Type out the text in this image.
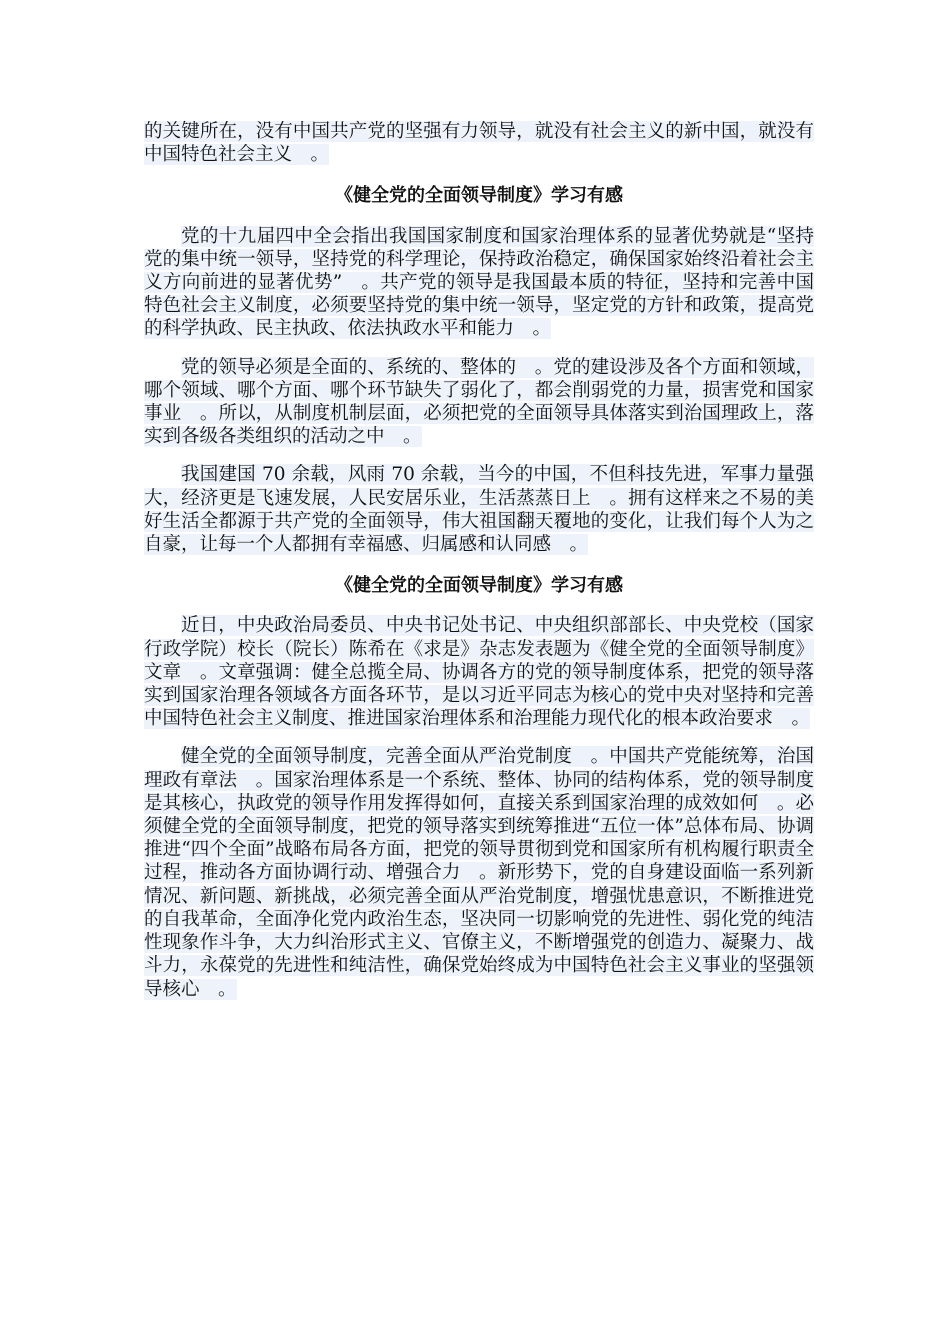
的关键所在，没有中国共产党的坚强有力领导，就没有社会主义的新中国，就没有中国特色社会主义　。

《健全党的全面领导制度》学习有感

党的十九届四中全会指出我国国家制度和国家治理体系的显著优势就是“坚持党的集中统一领导，坚持党的科学理论，保持政治稳定，确保国家始终沿着社会主义方向前进的显著优势”　。共产党的领导是我国最本质的特征，坚持和完善中国特色社会主义制度，必须要坚持党的集中统一领导，坚定党的方针和政策，提高党的科学执政、民主执政、依法执政水平和能力　。

党的领导必须是全面的、系统的、整体的　。党的建设涉及各个方面和领域，哪个领域、哪个方面、哪个环节缺失了弱化了，都会削弱党的力量，损害党和国家事业　。所以，从制度机制层面，必须把党的全面领导具体落实到治国理政上，落实到各级各类组织的活动之中　。

我国建国 70 余载，风雨 70 余载，当今的中国，不但科技先进，军事力量强大，经济更是飞速发展，人民安居乐业，生活蒸蒸日上　。拥有这样来之不易的美好生活全都源于共产党的全面领导，伟大祖国翻天覆地的变化，让我们每个人为之自豪，让每一个人都拥有幸福感、归属感和认同感　。

《健全党的全面领导制度》学习有感

近日，中央政治局委员、中央书记处书记、中央组织部部长、中央党校（国家行政学院）校长（院长）陈希在《求是》杂志发表题为《健全党的全面领导制度》文章　。文章强调：健全总揽全局、协调各方的党的领导制度体系，把党的领导落实到国家治理各领域各方面各环节，是以习近平同志为核心的党中央对坚持和完善中国特色社会主义制度、推进国家治理体系和治理能力现代化的根本政治要求　。

健全党的全面领导制度，完善全面从严治党制度　。中国共产党能统筹，治国理政有章法　。国家治理体系是一个系统、整体、协同的结构体系，党的领导制度是其核心，执政党的领导作用发挥得如何，直接关系到国家治理的成效如何　。必须健全党的全面领导制度，把党的领导落实到统筹推进“五位一体”总体布局、协调推进“四个全面”战略布局各方面，把党的领导贯彻到党和国家所有机构履行职责全过程，推动各方面协调行动、增强合力　。新形势下，党的自身建设面临一系列新情况、新问题、新挑战，必须完善全面从严治党制度，增强忧患意识，不断推进党的自我革命，全面净化党内政治生态，坚决同一切影响党的先进性、弱化党的纯洁性现象作斗争，大力纠治形式主义、官僚主义，不断增强党的创造力、凝聚力、战斗力，永葆党的先进性和纯洁性，确保党始终成为中国特色社会主义事业的坚强领导核心　。
